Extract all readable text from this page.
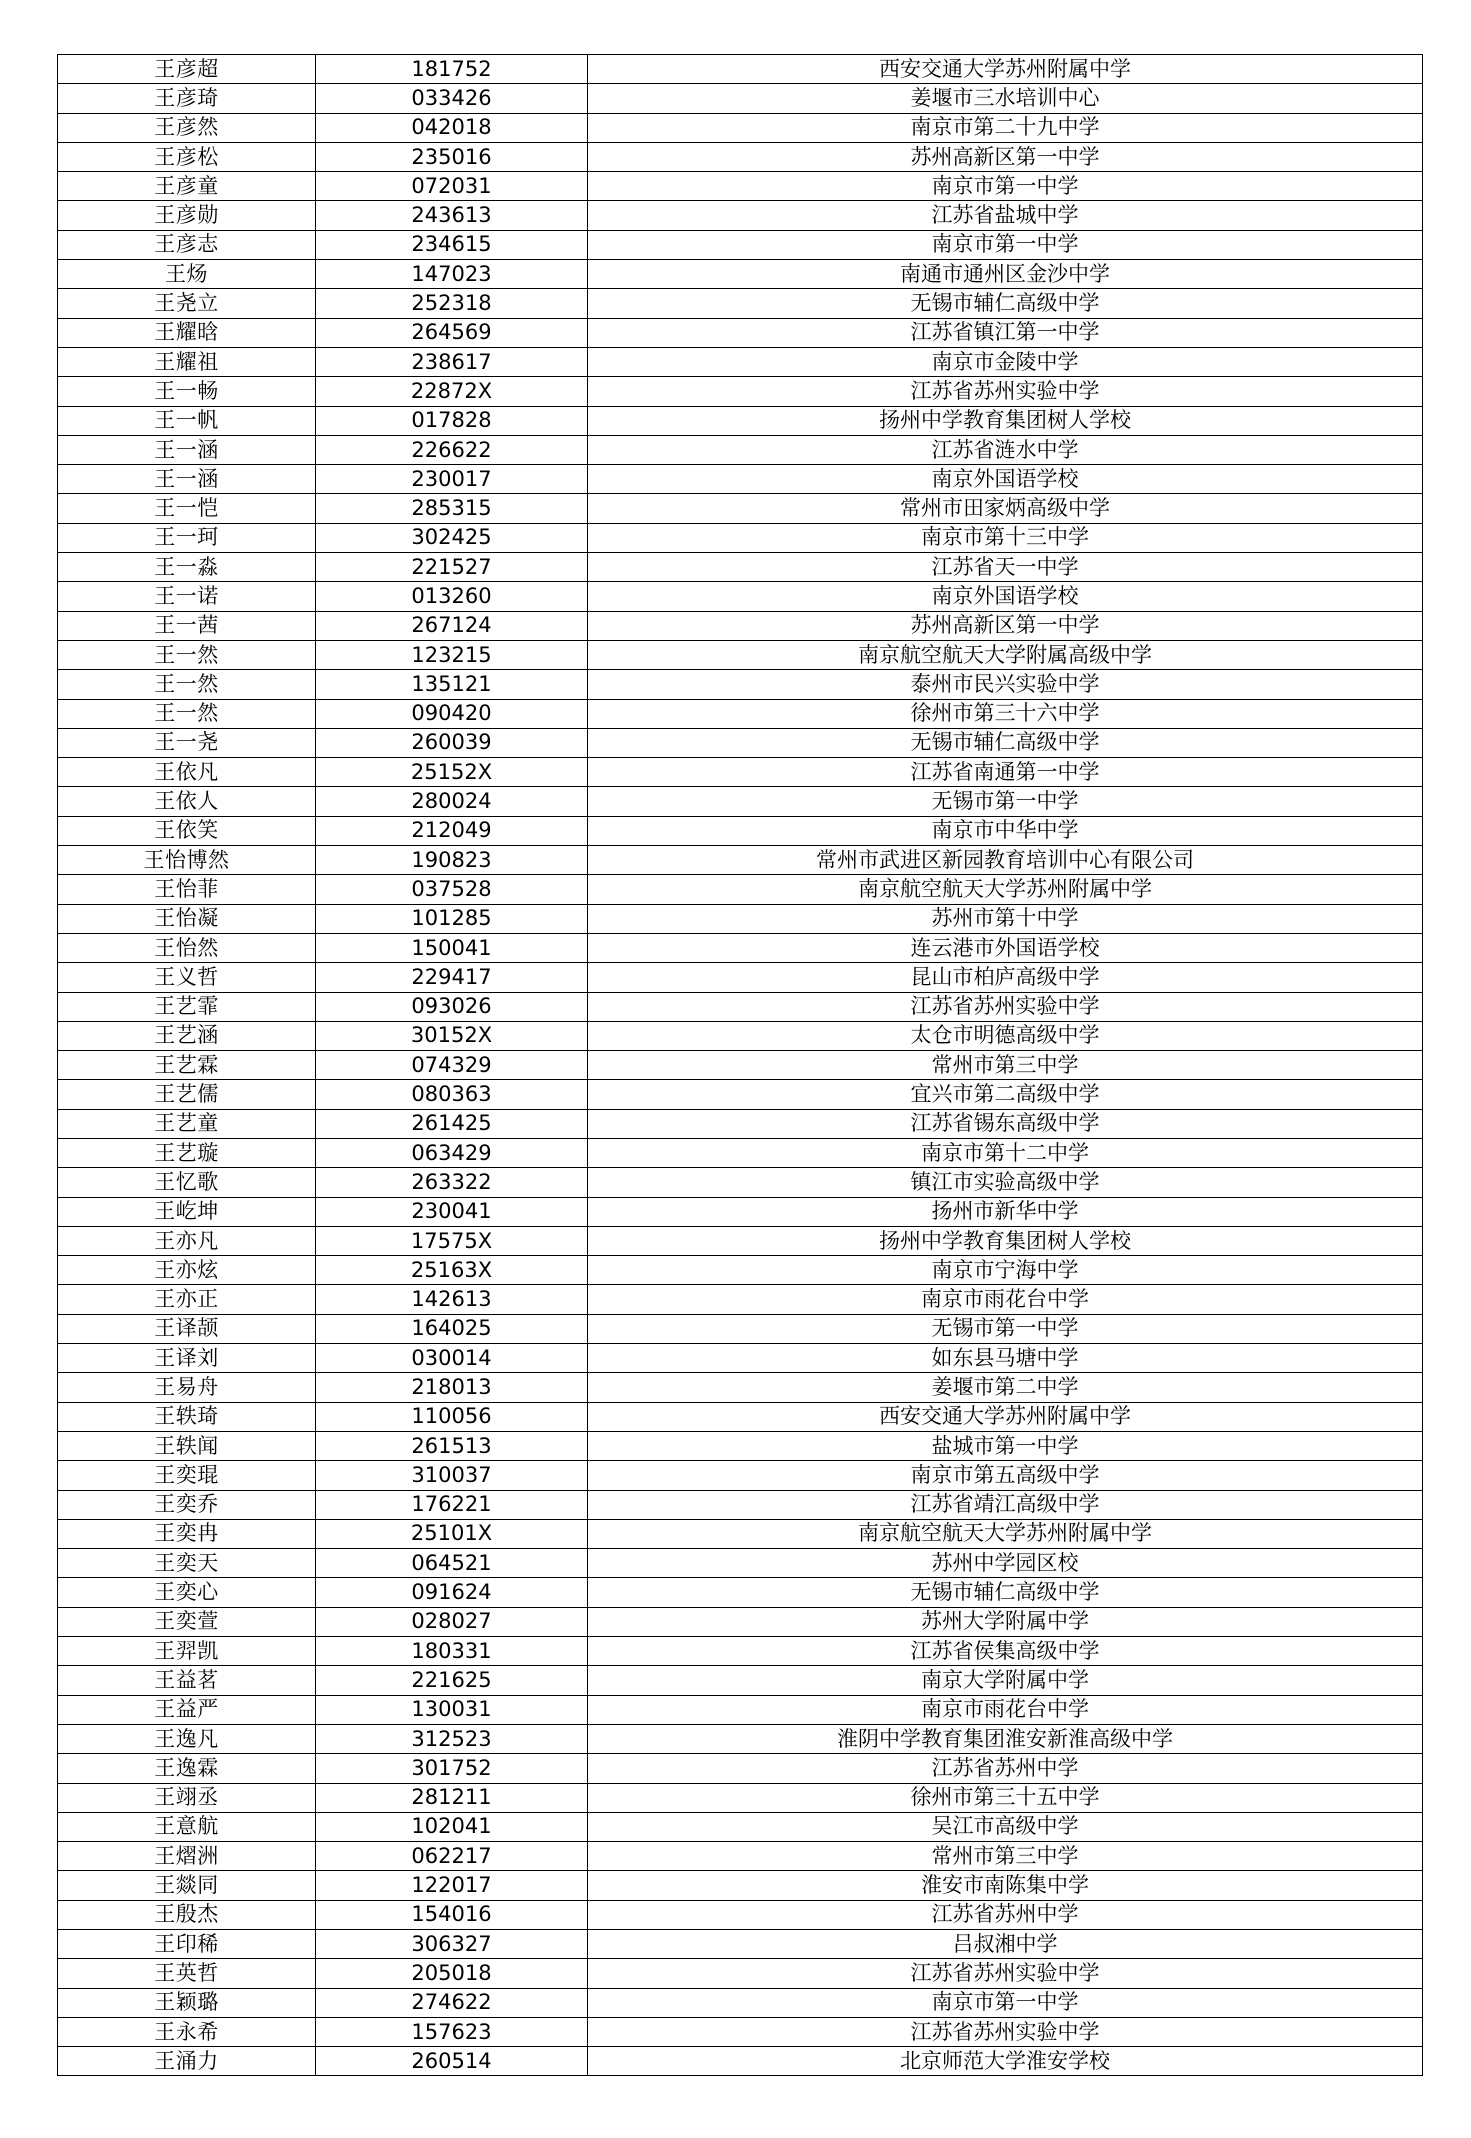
王彦超	181752	西安交通大学苏州附属中学
王彦琦	033426	姜堰市三水培训中心
王彦然	042018	南京市第二十九中学
王彦松	235016	苏州高新区第一中学
王彦童	072031	南京市第一中学
王彦勋	243613	江苏省盐城中学
王彦志	234615	南京市第一中学
王炀	147023	南通市通州区金沙中学
王尧立	252318	无锡市辅仁高级中学
王耀晗	264569	江苏省镇江第一中学
王耀祖	238617	南京市金陵中学
王一畅	22872X	江苏省苏州实验中学
王一帆	017828	扬州中学教育集团树人学校
王一涵	226622	江苏省涟水中学
王一涵	230017	南京外国语学校
王一恺	285315	常州市田家炳高级中学
王一珂	302425	南京市第十三中学
王一淼	221527	江苏省天一中学
王一诺	013260	南京外国语学校
王一茜	267124	苏州高新区第一中学
王一然	123215	南京航空航天大学附属高级中学
王一然	135121	泰州市民兴实验中学
王一然	090420	徐州市第三十六中学
王一尧	260039	无锡市辅仁高级中学
王依凡	25152X	江苏省南通第一中学
王依人	280024	无锡市第一中学
王依笑	212049	南京市中华中学
王怡博然	190823	常州市武进区新园教育培训中心有限公司
王怡菲	037528	南京航空航天大学苏州附属中学
王怡凝	101285	苏州市第十中学
王怡然	150041	连云港市外国语学校
王义哲	229417	昆山市柏庐高级中学
王艺霏	093026	江苏省苏州实验中学
王艺涵	30152X	太仓市明德高级中学
王艺霖	074329	常州市第三中学
王艺儒	080363	宜兴市第二高级中学
王艺童	261425	江苏省锡东高级中学
王艺璇	063429	南京市第十二中学
王忆歌	263322	镇江市实验高级中学
王屹坤	230041	扬州市新华中学
王亦凡	17575X	扬州中学教育集团树人学校
王亦炫	25163X	南京市宁海中学
王亦正	142613	南京市雨花台中学
王译颉	164025	无锡市第一中学
王译刘	030014	如东县马塘中学
王易舟	218013	姜堰市第二中学
王轶琦	110056	西安交通大学苏州附属中学
王轶闻	261513	盐城市第一中学
王奕琨	310037	南京市第五高级中学
王奕乔	176221	江苏省靖江高级中学
王奕冉	25101X	南京航空航天大学苏州附属中学
王奕天	064521	苏州中学园区校
王奕心	091624	无锡市辅仁高级中学
王奕萱	028027	苏州大学附属中学
王羿凯	180331	江苏省侯集高级中学
王益茗	221625	南京大学附属中学
王益严	130031	南京市雨花台中学
王逸凡	312523	淮阴中学教育集团淮安新淮高级中学
王逸霖	301752	江苏省苏州中学
王翊丞	281211	徐州市第三十五中学
王意航	102041	吴江市高级中学
王熠洲	062217	常州市第三中学
王燚同	122017	淮安市南陈集中学
王殷杰	154016	江苏省苏州中学
王印稀	306327	吕叔湘中学
王英哲	205018	江苏省苏州实验中学
王颖璐	274622	南京市第一中学
王永希	157623	江苏省苏州实验中学
王涌力	260514	北京师范大学淮安学校
